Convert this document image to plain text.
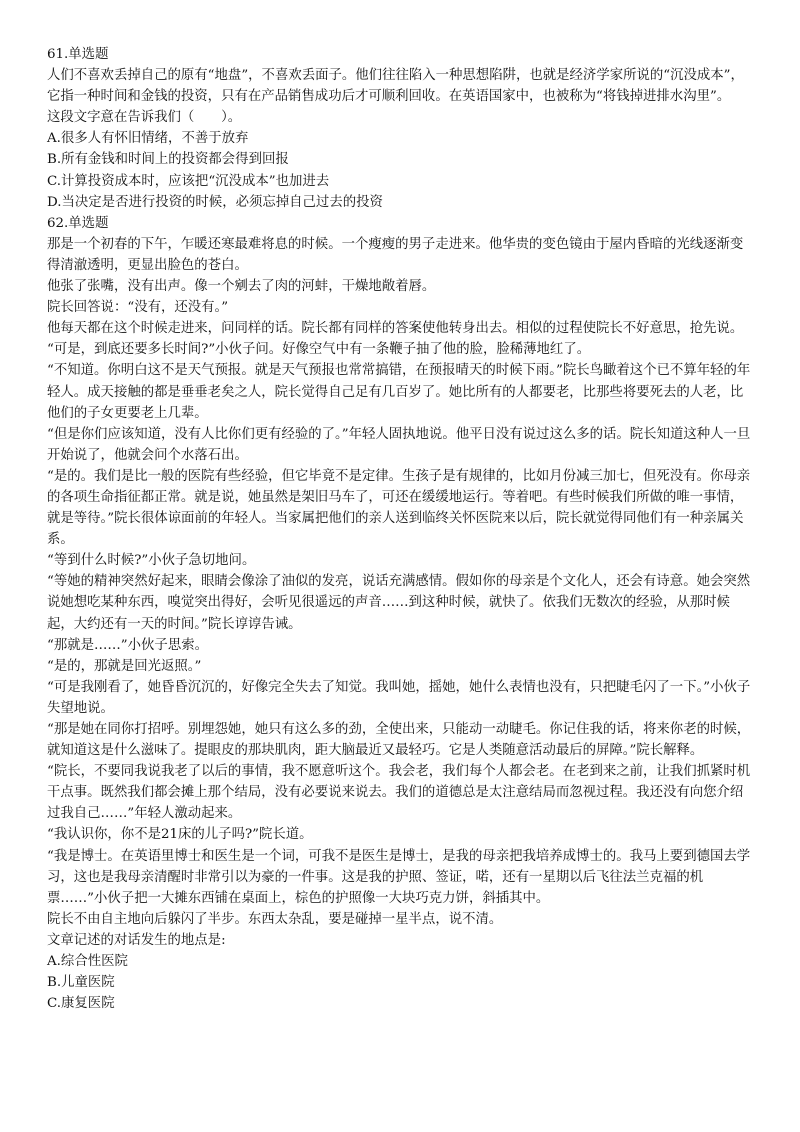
61.单选题
人们不喜欢丢掉自己的原有“地盘”，不喜欢丢面子。他们往往陷入一种思想陷阱，也就是经济学家所说的“沉没成本”，它指一种时间和金钱的投资，只有在产品销售成功后才可顺利回收。在英语国家中，也被称为“将钱掉进排水沟里”。
这段文字意在告诉我们（　　）。
A.很多人有怀旧情绪，不善于放弃
B.所有金钱和时间上的投资都会得到回报
C.计算投资成本时，应该把“沉没成本”也加进去
D.当决定是否进行投资的时候，必须忘掉自己过去的投资
62.单选题
那是一个初春的下午，乍暖还寒最难将息的时候。一个瘦瘦的男子走进来。他华贵的变色镜由于屋内昏暗的光线逐渐变得清澈透明，更显出脸色的苍白。
他张了张嘴，没有出声。像一个剜去了肉的河蚌，干燥地敞着唇。
院长回答说：“没有，还没有。”
他每天都在这个时候走进来，问同样的话。院长都有同样的答案使他转身出去。相似的过程使院长不好意思，抢先说。
“可是，到底还要多长时间?”小伙子问。好像空气中有一条鞭子抽了他的脸，脸稀薄地红了。
“不知道。你明白这不是天气预报。就是天气预报也常常搞错，在预报晴天的时候下雨。”院长鸟瞰着这个已不算年轻的年轻人。成天接触的都是垂垂老矣之人，院长觉得自己足有几百岁了。她比所有的人都要老，比那些将要死去的人老，比他们的子女更要老上几辈。
“但是你们应该知道，没有人比你们更有经验的了。”年轻人固执地说。他平日没有说过这么多的话。院长知道这种人一旦开始说了，他就会问个水落石出。
“是的。我们是比一般的医院有些经验，但它毕竟不是定律。生孩子是有规律的，比如月份减三加七，但死没有。你母亲的各项生命指征都正常。就是说，她虽然是架旧马车了，可还在缓缓地运行。等着吧。有些时候我们所做的唯一事情，就是等待。”院长很体谅面前的年轻人。当家属把他们的亲人送到临终关怀医院来以后，院长就觉得同他们有一种亲属关系。
“等到什么时候?”小伙子急切地问。
“等她的精神突然好起来，眼睛会像涂了油似的发亮，说话充满感情。假如你的母亲是个文化人，还会有诗意。她会突然说她想吃某种东西，嗅觉突出得好，会听见很遥远的声音……到这种时候，就快了。依我们无数次的经验，从那时候起，大约还有一天的时间。”院长谆谆告诫。
“那就是……”小伙子思索。
“是的，那就是回光返照。”
“可是我刚看了，她昏昏沉沉的，好像完全失去了知觉。我叫她，摇她，她什么表情也没有，只把睫毛闪了一下。”小伙子失望地说。
“那是她在同你打招呼。别埋怨她，她只有这么多的劲，全使出来，只能动一动睫毛。你记住我的话，将来你老的时候，就知道这是什么滋味了。提眼皮的那块肌肉，距大脑最近又最轻巧。它是人类随意活动最后的屏障。”院长解释。
“院长，不要同我说我老了以后的事情，我不愿意听这个。我会老，我们每个人都会老。在老到来之前，让我们抓紧时机干点事。既然我们都会摊上那个结局，没有必要说来说去。我们的道德总是太注意结局而忽视过程。我还没有向您介绍过我自己……”年轻人激动起来。
“我认识你，你不是21床的儿子吗?”院长道。
“我是博士。在英语里博士和医生是一个词，可我不是医生是博士，是我的母亲把我培养成博士的。我马上要到德国去学习，这也是我母亲清醒时非常引以为豪的一件事。这是我的护照、签证，喏，还有一星期以后飞往法兰克福的机票……”小伙子把一大摊东西铺在桌面上，棕色的护照像一大块巧克力饼，斜插其中。
院长不由自主地向后躲闪了半步。东西太杂乱，要是碰掉一星半点，说不清。
文章记述的对话发生的地点是:
A.综合性医院
B.儿童医院
C.康复医院
